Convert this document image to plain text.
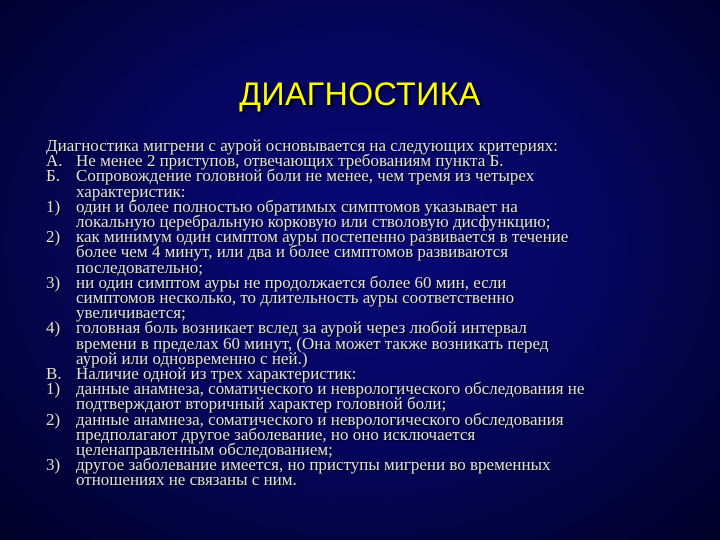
ДИАГНОСТИКА
Диагностика мигрени с аурой основывается на следующих критериях:
А. Не менее 2 приступов, отвечающих требованиям пункта Б.
Б. Сопровождение головной боли не менее, чем тремя из четырех
характеристик:
1) один и более полностью обратимых симптомов указывает на
локальную церебральную корковую или стволовую дисфункцию;
2) как минимум один симптом ауры постепенно развивается в течение
более чем 4 минут, или два и более симптомов развиваются
последовательно;
3) ни один симптом ауры не продолжается более 60 мин, если
симптомов несколько, то длительность ауры соответственно
увеличивается;
4) головная боль возникает вслед за аурой через любой интервал
времени в пределах 60 минут, (Она может также возникать перед
аурой или одновременно с ней.)
В. Наличие одной из трех характеристик:
1) данные анамнеза, соматического и неврологического обследования не
подтверждают вторичный характер головной боли;
2) данные анамнеза, соматического и неврологического обследования
предполагают другое заболевание, но оно исключается
целенаправленным обследованием;
3) другое заболевание имеется, но приступы мигрени во временных
отношениях не связаны с ним.
